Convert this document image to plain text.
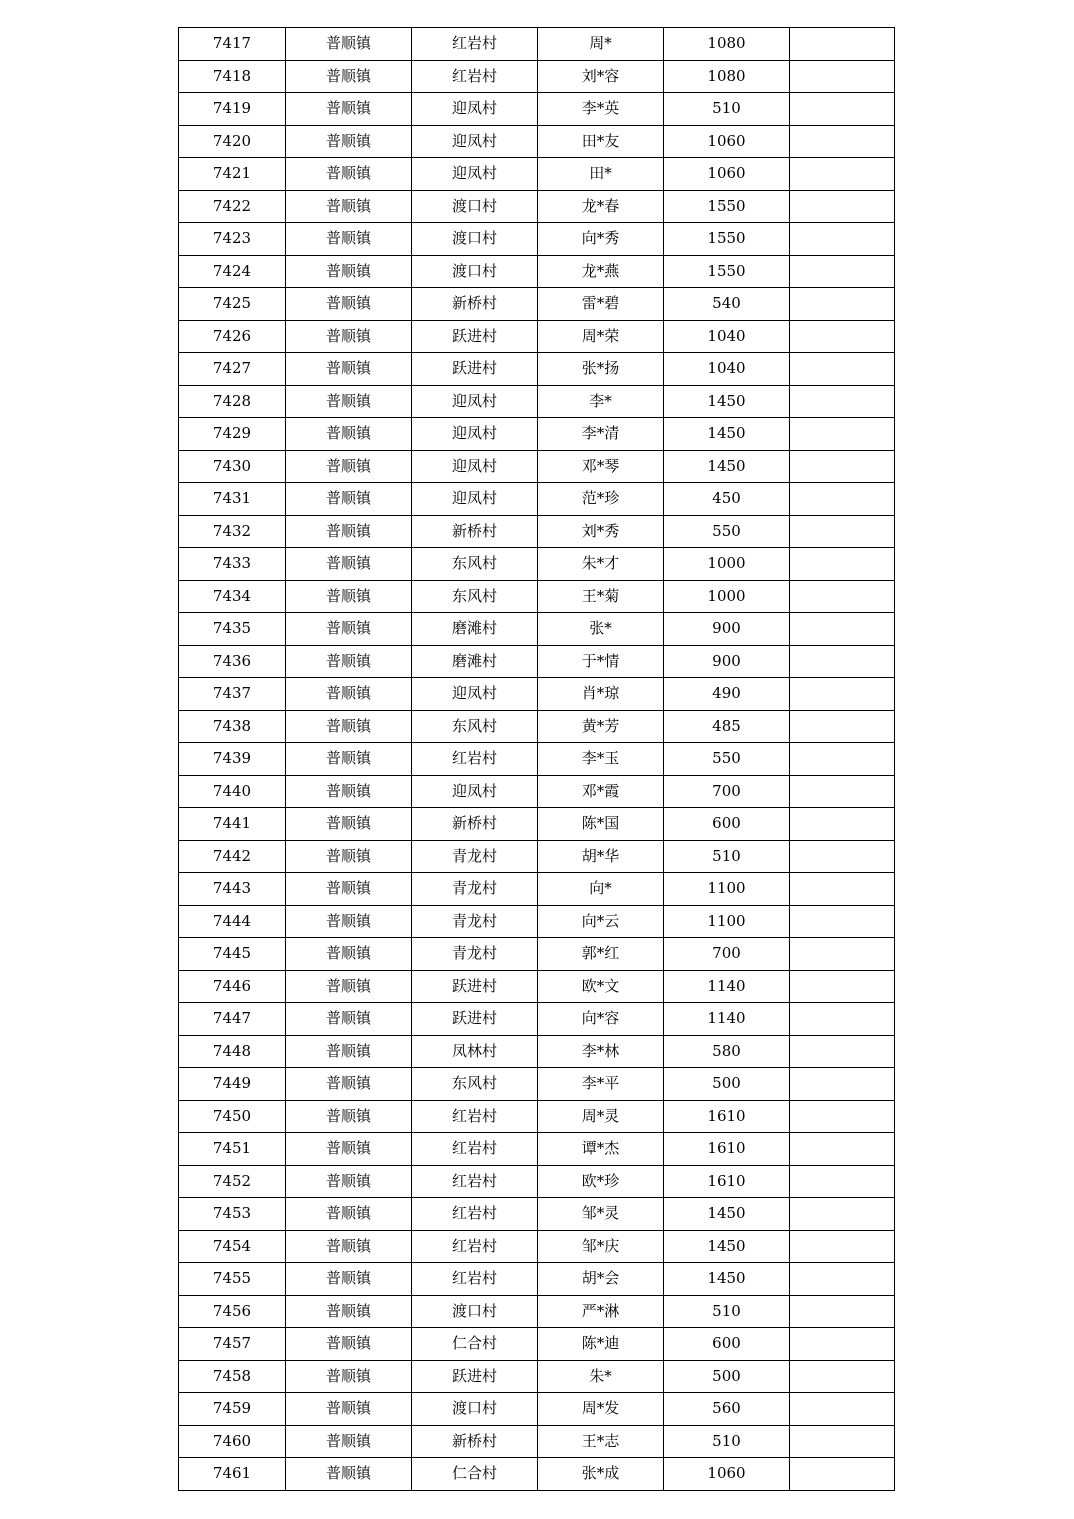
7417	普顺镇	红岩村	周*	1080	
7418	普顺镇	红岩村	刘*容	1080	
7419	普顺镇	迎凤村	李*英	510	
7420	普顺镇	迎凤村	田*友	1060	
7421	普顺镇	迎凤村	田*	1060	
7422	普顺镇	渡口村	龙*春	1550	
7423	普顺镇	渡口村	向*秀	1550	
7424	普顺镇	渡口村	龙*燕	1550	
7425	普顺镇	新桥村	雷*碧	540	
7426	普顺镇	跃进村	周*荣	1040	
7427	普顺镇	跃进村	张*扬	1040	
7428	普顺镇	迎凤村	李*	1450	
7429	普顺镇	迎凤村	李*清	1450	
7430	普顺镇	迎凤村	邓*琴	1450	
7431	普顺镇	迎凤村	范*珍	450	
7432	普顺镇	新桥村	刘*秀	550	
7433	普顺镇	东风村	朱*才	1000	
7434	普顺镇	东风村	王*菊	1000	
7435	普顺镇	磨滩村	张*	900	
7436	普顺镇	磨滩村	于*情	900	
7437	普顺镇	迎凤村	肖*琼	490	
7438	普顺镇	东风村	黄*芳	485	
7439	普顺镇	红岩村	李*玉	550	
7440	普顺镇	迎凤村	邓*霞	700	
7441	普顺镇	新桥村	陈*国	600	
7442	普顺镇	青龙村	胡*华	510	
7443	普顺镇	青龙村	向*	1100	
7444	普顺镇	青龙村	向*云	1100	
7445	普顺镇	青龙村	郭*红	700	
7446	普顺镇	跃进村	欧*文	1140	
7447	普顺镇	跃进村	向*容	1140	
7448	普顺镇	凤林村	李*林	580	
7449	普顺镇	东风村	李*平	500	
7450	普顺镇	红岩村	周*灵	1610	
7451	普顺镇	红岩村	谭*杰	1610	
7452	普顺镇	红岩村	欧*珍	1610	
7453	普顺镇	红岩村	邹*灵	1450	
7454	普顺镇	红岩村	邹*庆	1450	
7455	普顺镇	红岩村	胡*会	1450	
7456	普顺镇	渡口村	严*淋	510	
7457	普顺镇	仁合村	陈*迪	600	
7458	普顺镇	跃进村	朱*	500	
7459	普顺镇	渡口村	周*发	560	
7460	普顺镇	新桥村	王*志	510	
7461	普顺镇	仁合村	张*成	1060	
